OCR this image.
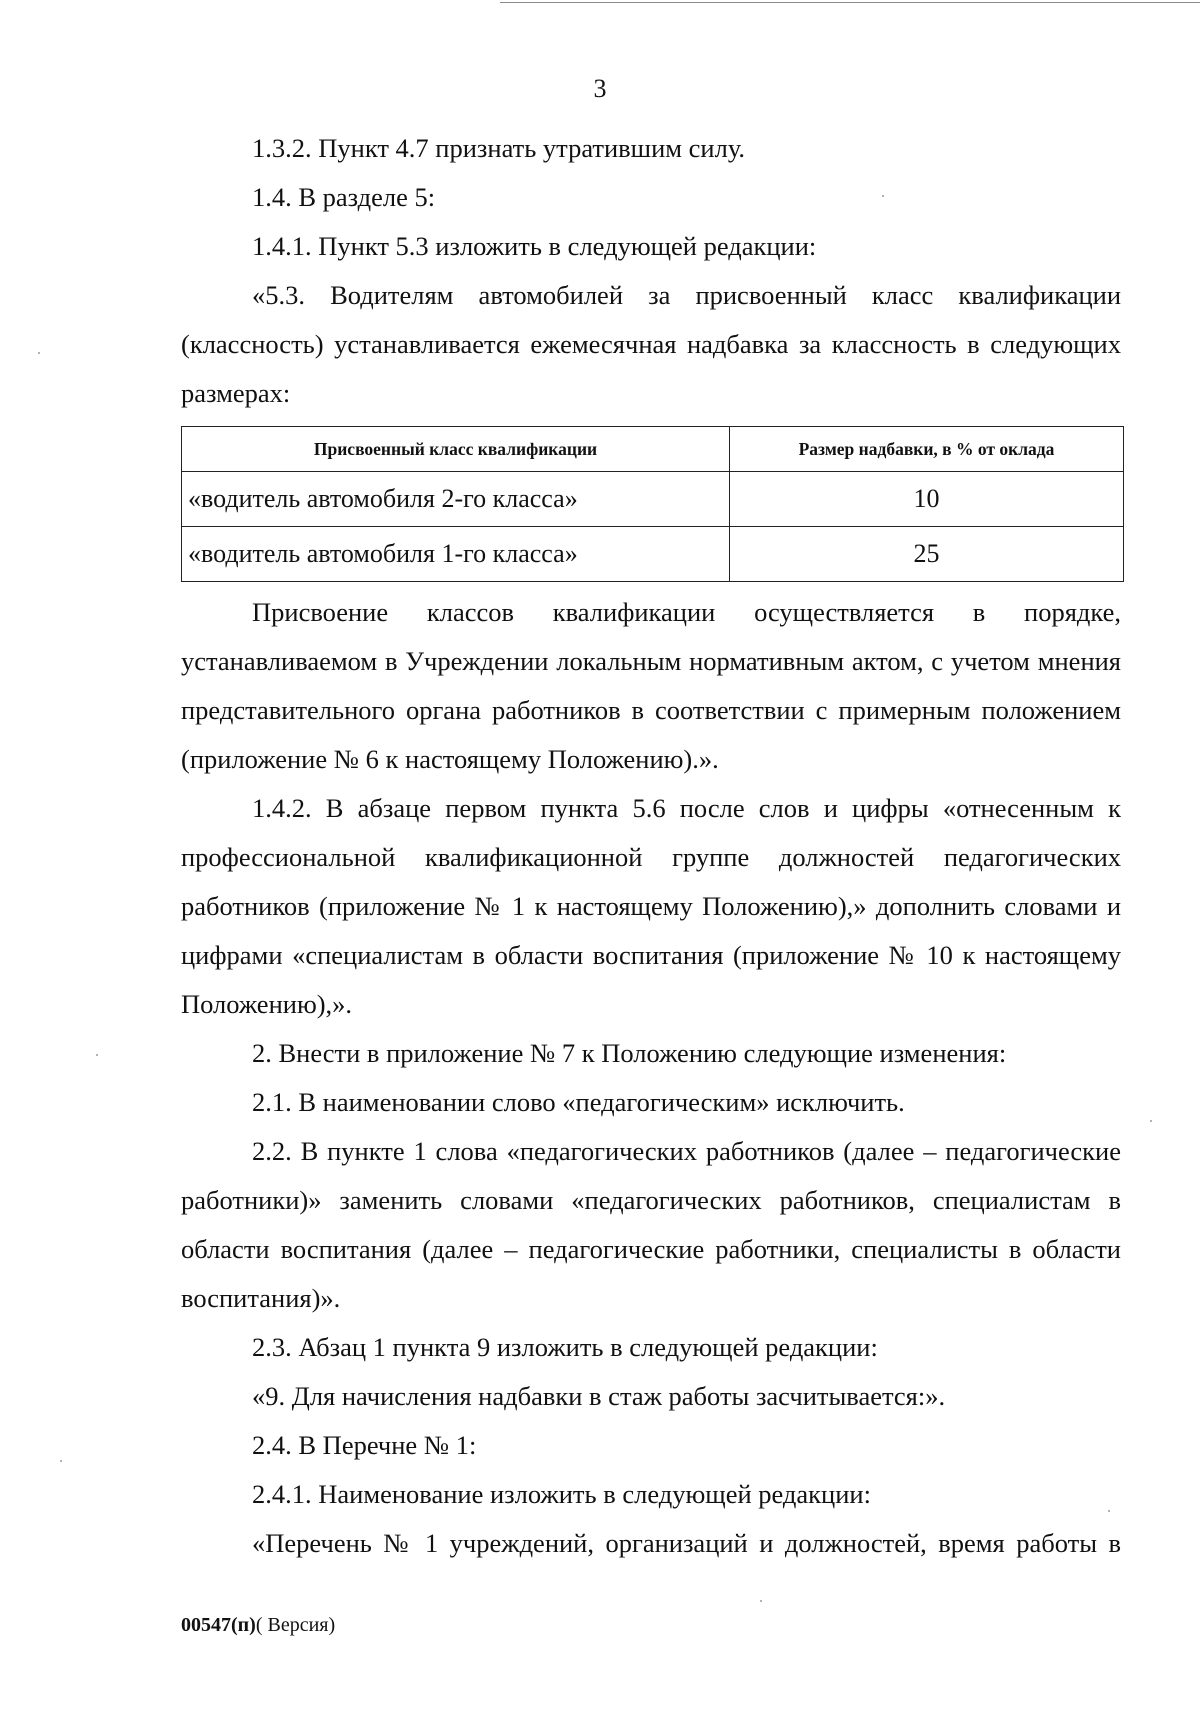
3

1.3.2. Пункт 4.7 признать утратившим силу.

1.4. В разделе 5:

1.4.1. Пункт 5.3 изложить в следующей редакции:

«5.3. Водителям автомобилей за присвоенный класс квалификации (классность) устанавливается ежемесячная надбавка за классность в следующих размерах:

Присвоенный класс квалификации	Размер надбавки, в % от оклада
«водитель автомобиля 2-го класса»	10
«водитель автомобиля 1-го класса»	25

Присвоение классов квалификации осуществляется в порядке, устанавливаемом в Учреждении локальным нормативным актом, с учетом мнения представительного органа работников в соответствии с примерным положением (приложение № 6 к настоящему Положению).».

1.4.2. В абзаце первом пункта 5.6 после слов и цифры «отнесенным к профессиональной квалификационной группе должностей педагогических работников (приложение № 1 к настоящему Положению),» дополнить словами и цифрами «специалистам в области воспитания (приложение № 10 к настоящему Положению),».

2. Внести в приложение № 7 к Положению следующие изменения:

2.1. В наименовании слово «педагогическим» исключить.

2.2. В пункте 1 слова «педагогических работников (далее – педагогические работники)» заменить словами «педагогических работников, специалистам в области воспитания (далее – педагогические работники, специалисты в области воспитания)».

2.3. Абзац 1 пункта 9 изложить в следующей редакции:

«9. Для начисления надбавки в стаж работы засчитывается:».

2.4. В Перечне № 1:

2.4.1. Наименование изложить в следующей редакции:

«Перечень № 1 учреждений, организаций и должностей, время работы в

00547(п)( Версия)
